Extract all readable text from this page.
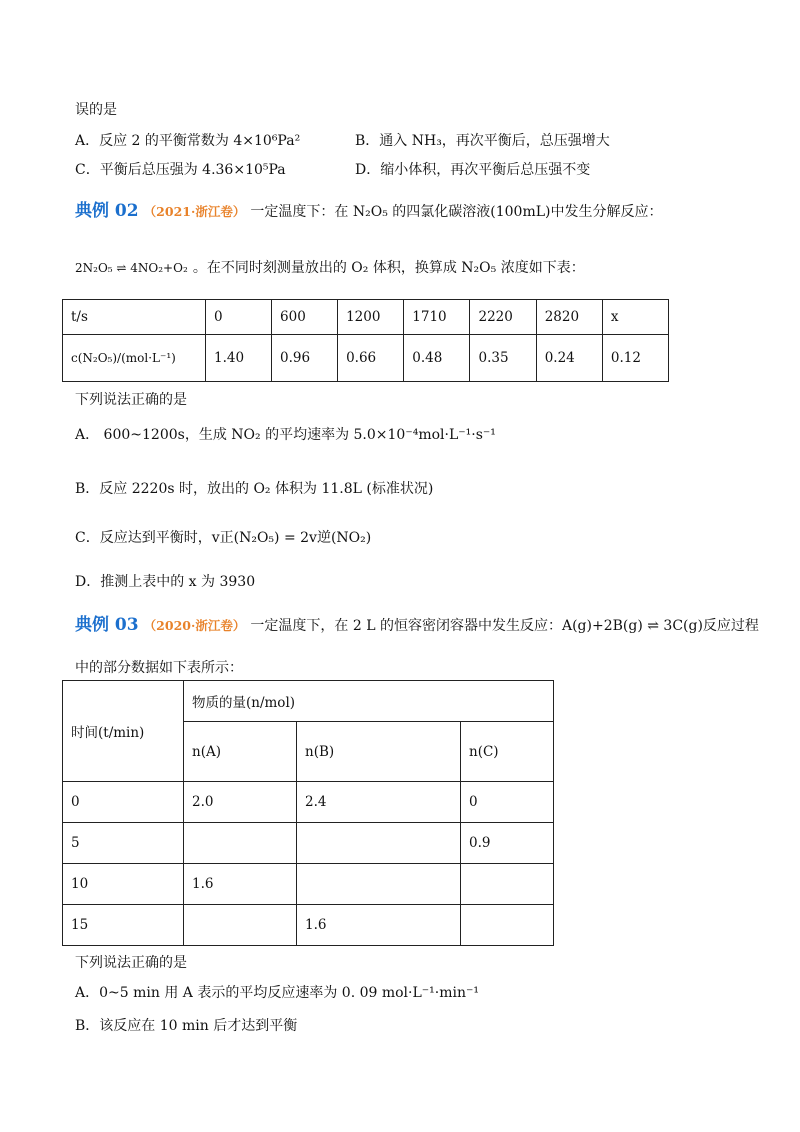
误的是
A．反应 2 的平衡常数为 4×10⁶Pa²	B．通入 NH₃，再次平衡后，总压强增大
C．平衡后总压强为 4.36×10⁵Pa	D．缩小体积，再次平衡后总压强不变
典例 02 （2021·浙江卷） 一定温度下：在 N₂O₅ 的四氯化碳溶液(100mL)中发生分解反应：
2N₂O₅ ⇌ 4NO₂+O₂ 。在不同时刻测量放出的 O₂ 体积，换算成 N₂O₅ 浓度如下表：
t/s	0	600	1200	1710	2220	2820	x
c(N₂O₅)/(mol·L⁻¹)	1.40	0.96	0.66	0.48	0.35	0.24	0.12
下列说法正确的是
A． 600~1200s，生成 NO₂ 的平均速率为 5.0×10⁻⁴mol·L⁻¹·s⁻¹
B．反应 2220s 时，放出的 O₂ 体积为 11.8L (标准状况)
C．反应达到平衡时，v正(N₂O₅) = 2v逆(NO₂)
D．推测上表中的 x 为 3930
典例 03 （2020·浙江卷） 一定温度下，在 2 L 的恒容密闭容器中发生反应：A(g)+2B(g) ⇌ 3C(g)反应过程
中的部分数据如下表所示：
时间(t/min)	物质的量(n/mol)		
	n(A)	n(B)	n(C)
0	2.0	2.4	0
5			0.9
10	1.6		
15		1.6	
下列说法正确的是
A．0~5 min 用 A 表示的平均反应速率为 0. 09 mol·L⁻¹·min⁻¹
B．该反应在 10 min 后才达到平衡
